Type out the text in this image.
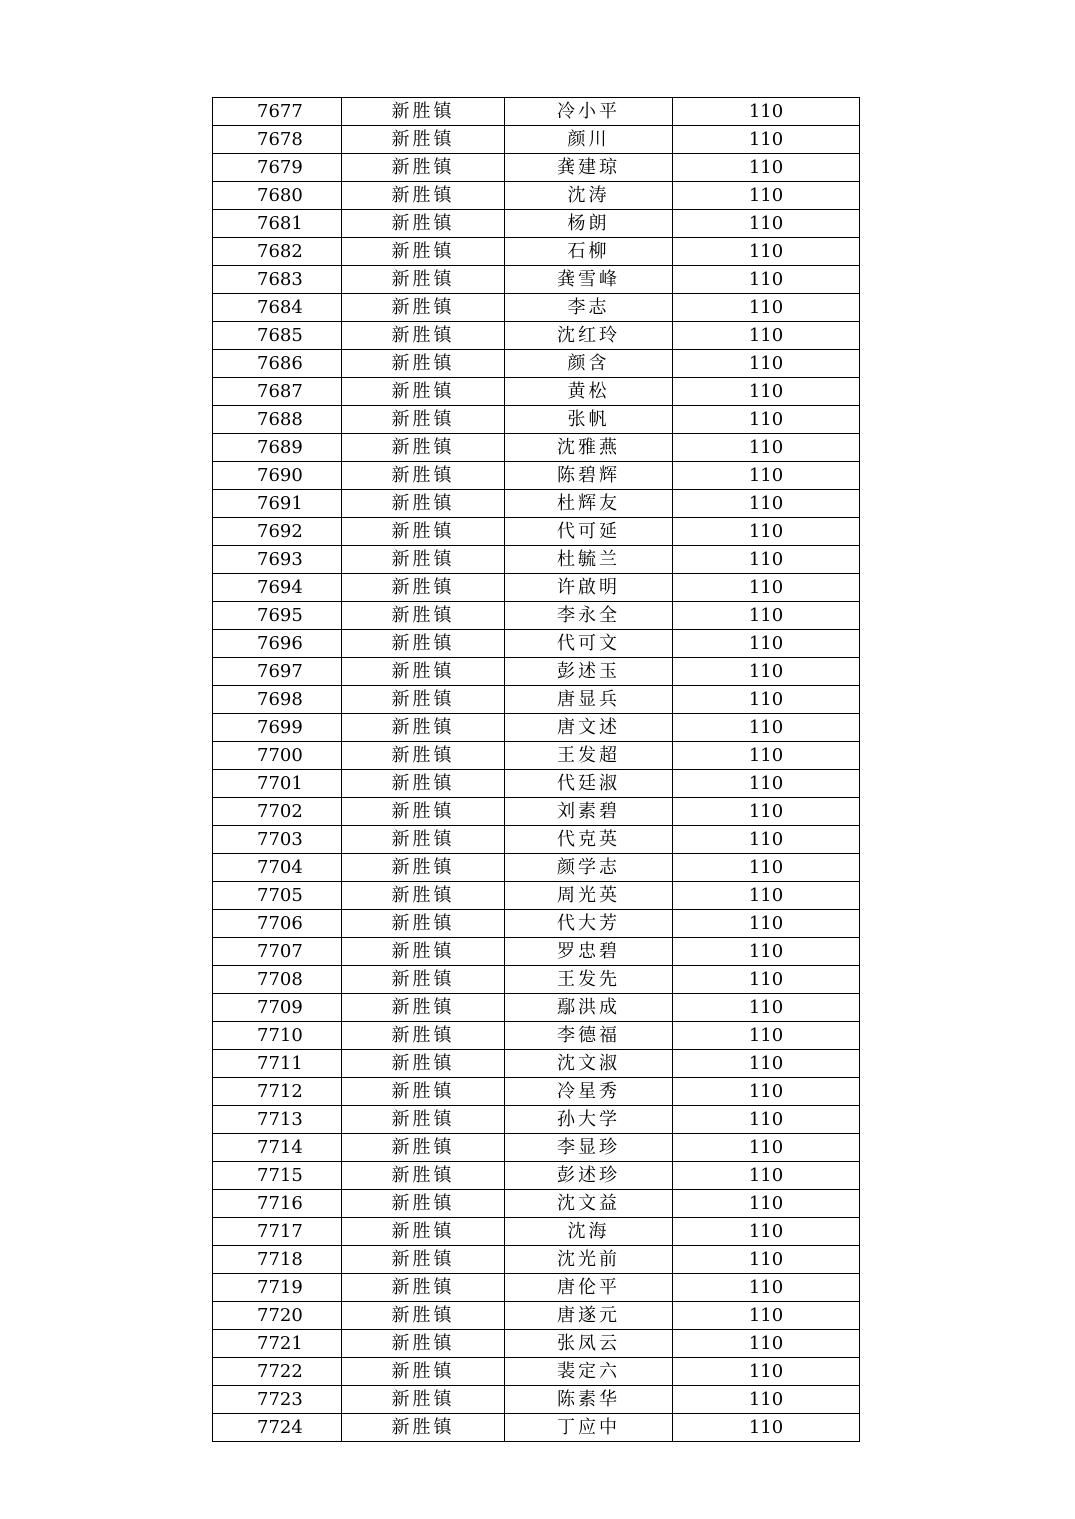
7677	新胜镇	冷小平	110
7678	新胜镇	颜川	110
7679	新胜镇	龚建琼	110
7680	新胜镇	沈涛	110
7681	新胜镇	杨朗	110
7682	新胜镇	石柳	110
7683	新胜镇	龚雪峰	110
7684	新胜镇	李志	110
7685	新胜镇	沈红玲	110
7686	新胜镇	颜含	110
7687	新胜镇	黄松	110
7688	新胜镇	张帆	110
7689	新胜镇	沈雅燕	110
7690	新胜镇	陈碧辉	110
7691	新胜镇	杜辉友	110
7692	新胜镇	代可延	110
7693	新胜镇	杜毓兰	110
7694	新胜镇	许啟明	110
7695	新胜镇	李永全	110
7696	新胜镇	代可文	110
7697	新胜镇	彭述玉	110
7698	新胜镇	唐显兵	110
7699	新胜镇	唐文述	110
7700	新胜镇	王发超	110
7701	新胜镇	代廷淑	110
7702	新胜镇	刘素碧	110
7703	新胜镇	代克英	110
7704	新胜镇	颜学志	110
7705	新胜镇	周光英	110
7706	新胜镇	代大芳	110
7707	新胜镇	罗忠碧	110
7708	新胜镇	王发先	110
7709	新胜镇	鄢洪成	110
7710	新胜镇	李德福	110
7711	新胜镇	沈文淑	110
7712	新胜镇	冷星秀	110
7713	新胜镇	孙大学	110
7714	新胜镇	李显珍	110
7715	新胜镇	彭述珍	110
7716	新胜镇	沈文益	110
7717	新胜镇	沈海	110
7718	新胜镇	沈光前	110
7719	新胜镇	唐伦平	110
7720	新胜镇	唐遂元	110
7721	新胜镇	张凤云	110
7722	新胜镇	裴定六	110
7723	新胜镇	陈素华	110
7724	新胜镇	丁应中	110
